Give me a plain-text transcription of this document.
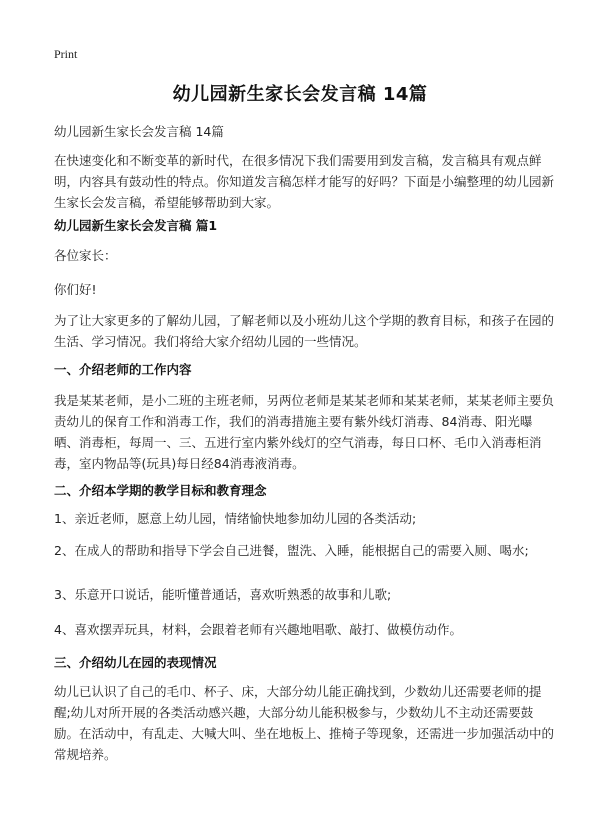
Print
幼儿园新生家长会发言稿 14篇
幼儿园新生家长会发言稿 14篇
在快速变化和不断变革的新时代，在很多情况下我们需要用到发言稿，发言稿具有观点鲜明，内容具有鼓动性的特点。你知道发言稿怎样才能写的好吗？下面是小编整理的幼儿园新生家长会发言稿，希望能够帮助到大家。
幼儿园新生家长会发言稿 篇1
各位家长：
你们好!
为了让大家更多的了解幼儿园，了解老师以及小班幼儿这个学期的教育目标，和孩子在园的生活、学习情况。我们将给大家介绍幼儿园的一些情况。
一、介绍老师的工作内容
我是某某老师，是小二班的主班老师，另两位老师是某某老师和某某老师，某某老师主要负责幼儿的保育工作和消毒工作，我们的消毒措施主要有紫外线灯消毒、84消毒、阳光曝晒、消毒柜，每周一、三、五进行室内紫外线灯的空气消毒，每日口杯、毛巾入消毒柜消毒，室内物品等(玩具)每日经84消毒液消毒。
二、介绍本学期的教学目标和教育理念
1、亲近老师，愿意上幼儿园，情绪愉快地参加幼儿园的各类活动;
2、在成人的帮助和指导下学会自己进餐，盥洗、入睡，能根据自己的需要入厕、喝水;
3、乐意开口说话，能听懂普通话，喜欢听熟悉的故事和儿歌;
4、喜欢摆弄玩具，材料，会跟着老师有兴趣地唱歌、敲打、做模仿动作。
三、介绍幼儿在园的表现情况
幼儿已认识了自己的毛巾、杯子、床，大部分幼儿能正确找到，少数幼儿还需要老师的提醒;幼儿对所开展的各类活动感兴趣，大部分幼儿能积极参与，少数幼儿不主动还需要鼓励。在活动中，有乱走、大喊大叫、坐在地板上、推椅子等现象，还需进一步加强活动中的常规培养。
